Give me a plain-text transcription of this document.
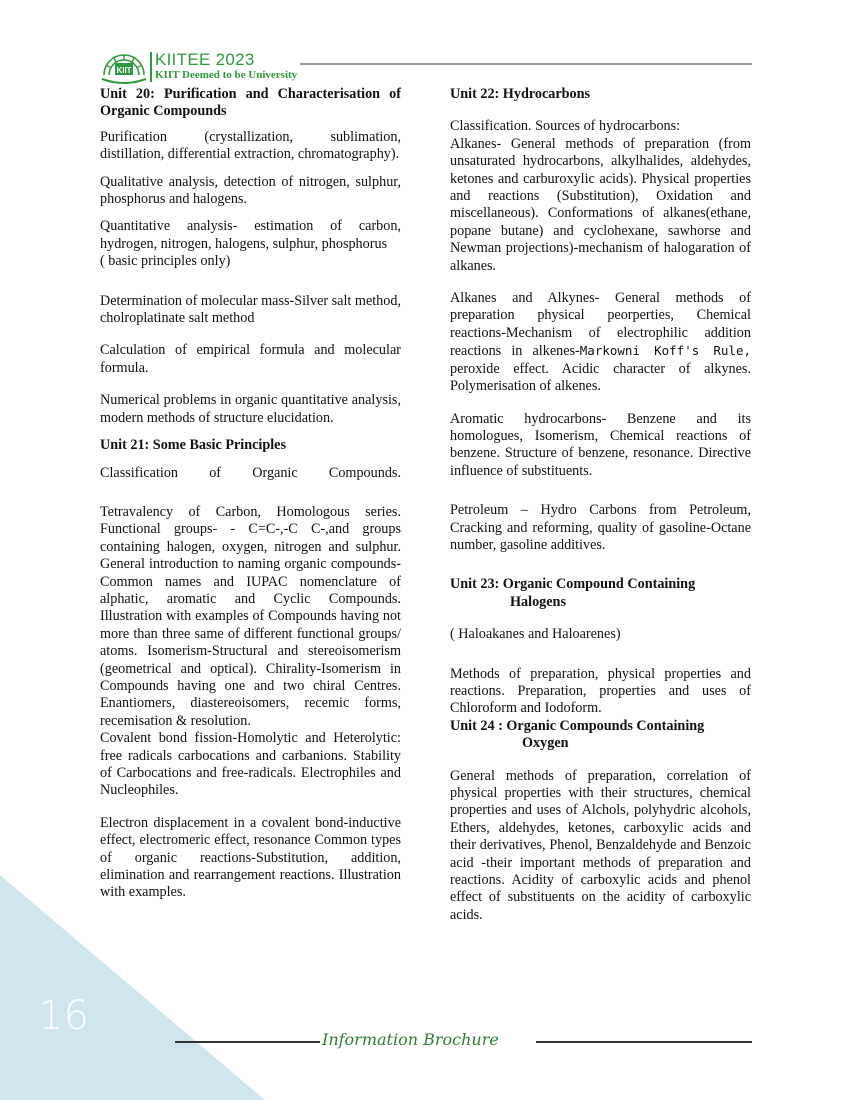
KIIT
KIITEE 2023
KIIT Deemed to be University

Unit 20: Purification and Characterisation of Organic Compounds

Purification (crystallization, sublimation, distillation, differential extraction, chromatography).

Qualitative analysis, detection of nitrogen, sulphur, phosphorus and halogens.

Quantitative analysis- estimation of carbon, hydrogen, nitrogen, halogens, sulphur, phosphorus

( basic principles only)

Determination of molecular mass-Silver salt method, cholroplatinate salt method

Calculation of empirical formula and molecular formula.

Numerical problems in organic quantitative analysis, modern methods of structure elucidation.

Unit 21: Some Basic Principles

Classification of Organic Compounds.

Tetravalency of Carbon, Homologous series. Functional groups- - C=C-,-C C-,and groups containing halogen, oxygen, nitrogen and sulphur. General introduction to naming organic compounds-Common names and IUPAC nomenclature of alphatic, aromatic and Cyclic Compounds. Illustration with examples of Compounds having not more than three same of different functional groups/ atoms. Isomerism-Structural and stereoisomerism (geometrical and optical). Chirality-Isomerism in Compounds having one and two chiral Centres. Enantiomers, diastereoisomers, recemic forms, recemisation & resolution.

Covalent bond fission-Homolytic and Heterolytic: free radicals carbocations and carbanions. Stability of Carbocations and free-radicals. Electrophiles and Nucleophiles.

Electron displacement in a covalent bond-inductive effect, electromeric effect, resonance Common types of organic reactions-Substitution, addition, elimination and rearrangement reactions. Illustration with examples.

Unit 22: Hydrocarbons

Classification. Sources of hydrocarbons:

Alkanes- General methods of preparation (from unsaturated hydrocarbons, alkylhalides, aldehydes, ketones and carburoxylic acids). Physical properties and reactions (Substitution), Oxidation and miscellaneous). Conformations of alkanes(ethane, popane butane) and cyclohexane, sawhorse and Newman projections)-mechanism of halogaration of alkanes.

Alkanes and Alkynes- General methods of preparation physical peorperties, Chemical reactions-Mechanism of electrophilic addition reactions in alkenes-Markowni Koff's Rule, peroxide effect. Acidic character of alkynes. Polymerisation of alkenes.

Aromatic hydrocarbons- Benzene and its homologues, Isomerism, Chemical reactions of benzene. Structure of benzene, resonance. Directive influence of substituents.

Petroleum – Hydro Carbons from Petroleum, Cracking and reforming, quality of gasoline-Octane number, gasoline additives.

Unit 23: Organic Compound Containing

Halogens

( Haloakanes and Haloarenes)

Methods of preparation, physical properties and reactions. Preparation, properties and uses of Chloroform and Iodoform.

Unit 24 : Organic Compounds Containing

Oxygen

General methods of preparation, correlation of physical properties with their structures, chemical properties and uses of Alchols, polyhydric alcohols, Ethers, aldehydes, ketones, carboxylic acids and their derivatives, Phenol, Benzaldehyde and Benzoic acid -their important methods of preparation and reactions. Acidity of carboxylic acids and phenol effect of substituents on the acidity of carboxylic acids.

16
Information Brochure
